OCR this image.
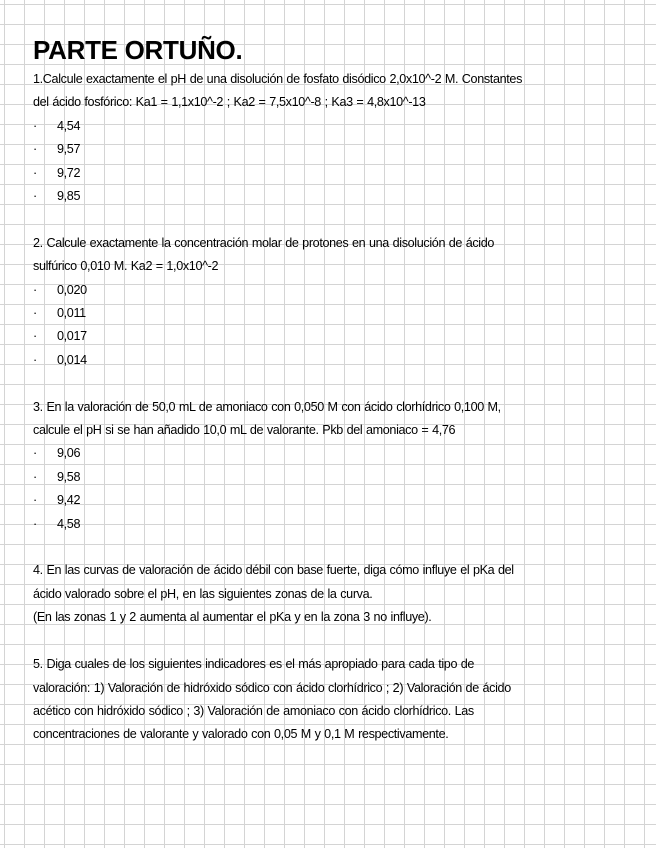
PARTE ORTUÑO.

1.Calcule exactamente el pH de una disolución de fosfato disódico 2,0x10^-2 M. Constantes
del ácido fosfórico: Ka1 = 1,1x10^-2 ; Ka2 = 7,5x10^-8 ; Ka3 = 4,8x10^-13

·	4,54
·	9,57
·	9,72
·	9,85

2. Calcule exactamente la concentración molar de protones en una disolución de ácido
sulfúrico 0,010 M. Ka2 = 1,0x10^-2

·	0,020
·	0,011
·	0,017
·	0,014

3. En la valoración de 50,0 mL de amoniaco con 0,050 M con ácido clorhídrico 0,100 M,
calcule el pH si se han añadido 10,0 mL de valorante. Pkb del amoniaco = 4,76

·	9,06
·	9,58
·	9,42
·	4,58

4. En las curvas de valoración de ácido débil con base fuerte, diga cómo influye el pKa del
ácido valorado sobre el pH, en las siguientes zonas de la curva.
(En las zonas 1 y 2 aumenta al aumentar el pKa y en la zona 3 no influye).

5. Diga cuales de los siguientes indicadores es el más apropiado para cada tipo de
valoración: 1) Valoración de hidróxido sódico con ácido clorhídrico ; 2) Valoración de ácido
acético con hidróxido sódico ; 3) Valoración de amoniaco con ácido clorhídrico. Las
concentraciones de valorante y valorado con 0,05 M y 0,1 M respectivamente.
